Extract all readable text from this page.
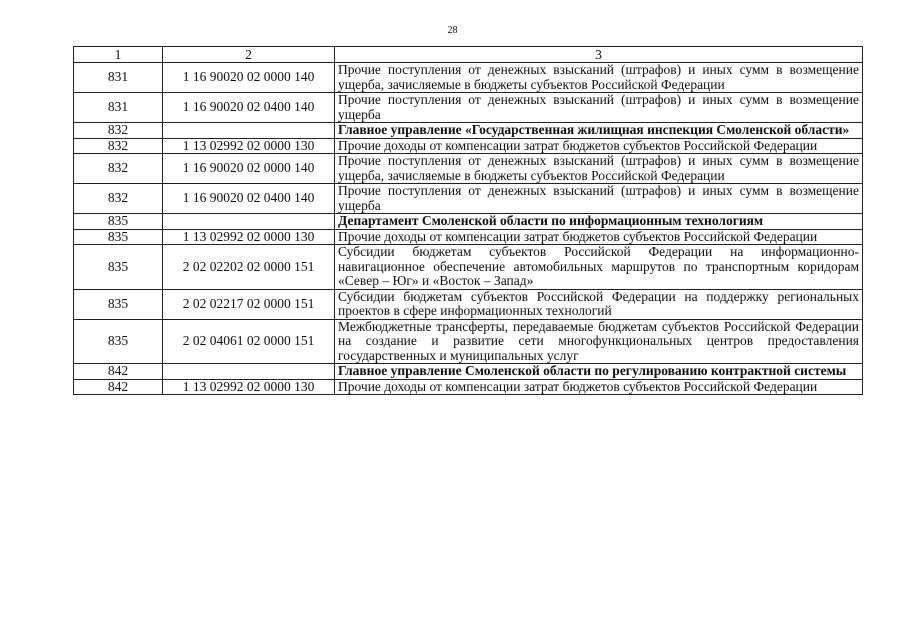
28
1	2	3
831	1 16 90020 02 0000 140	Прочие поступления от денежных взысканий (штрафов) и иных сумм в возмещение ущерба, зачисляемые в бюджеты субъектов Российской Федерации
831	1 16 90020 02 0400 140	Прочие поступления от денежных взысканий (штрафов) и иных сумм в возмещение ущерба
832		Главное управление «Государственная жилищная инспекция Смоленской области»
832	1 13 02992 02 0000 130	Прочие доходы от компенсации затрат бюджетов субъектов Российской Федерации
832	1 16 90020 02 0000 140	Прочие поступления от денежных взысканий (штрафов) и иных сумм в возмещение ущерба, зачисляемые в бюджеты субъектов Российской Федерации
832	1 16 90020 02 0400 140	Прочие поступления от денежных взысканий (штрафов) и иных сумм в возмещение ущерба
835		Департамент Смоленской области по информационным технологиям
835	1 13 02992 02 0000 130	Прочие доходы от компенсации затрат бюджетов субъектов Российской Федерации
835	2 02 02202 02 0000 151	Субсидии бюджетам субъектов Российской Федерации на информационно-навигационное обеспечение автомобильных маршрутов по транспортным коридорам «Север – Юг» и «Восток – Запад»
835	2 02 02217 02 0000 151	Субсидии бюджетам субъектов Российской Федерации на поддержку региональных проектов в сфере информационных технологий
835	2 02 04061 02 0000 151	Межбюджетные трансферты, передаваемые бюджетам субъектов Российской Федерации на создание и развитие сети многофункциональных центров предоставления государственных и муниципальных услуг
842		Главное управление Смоленской области по регулированию контрактной системы
842	1 13 02992 02 0000 130	Прочие доходы от компенсации затрат бюджетов субъектов Российской Федерации
